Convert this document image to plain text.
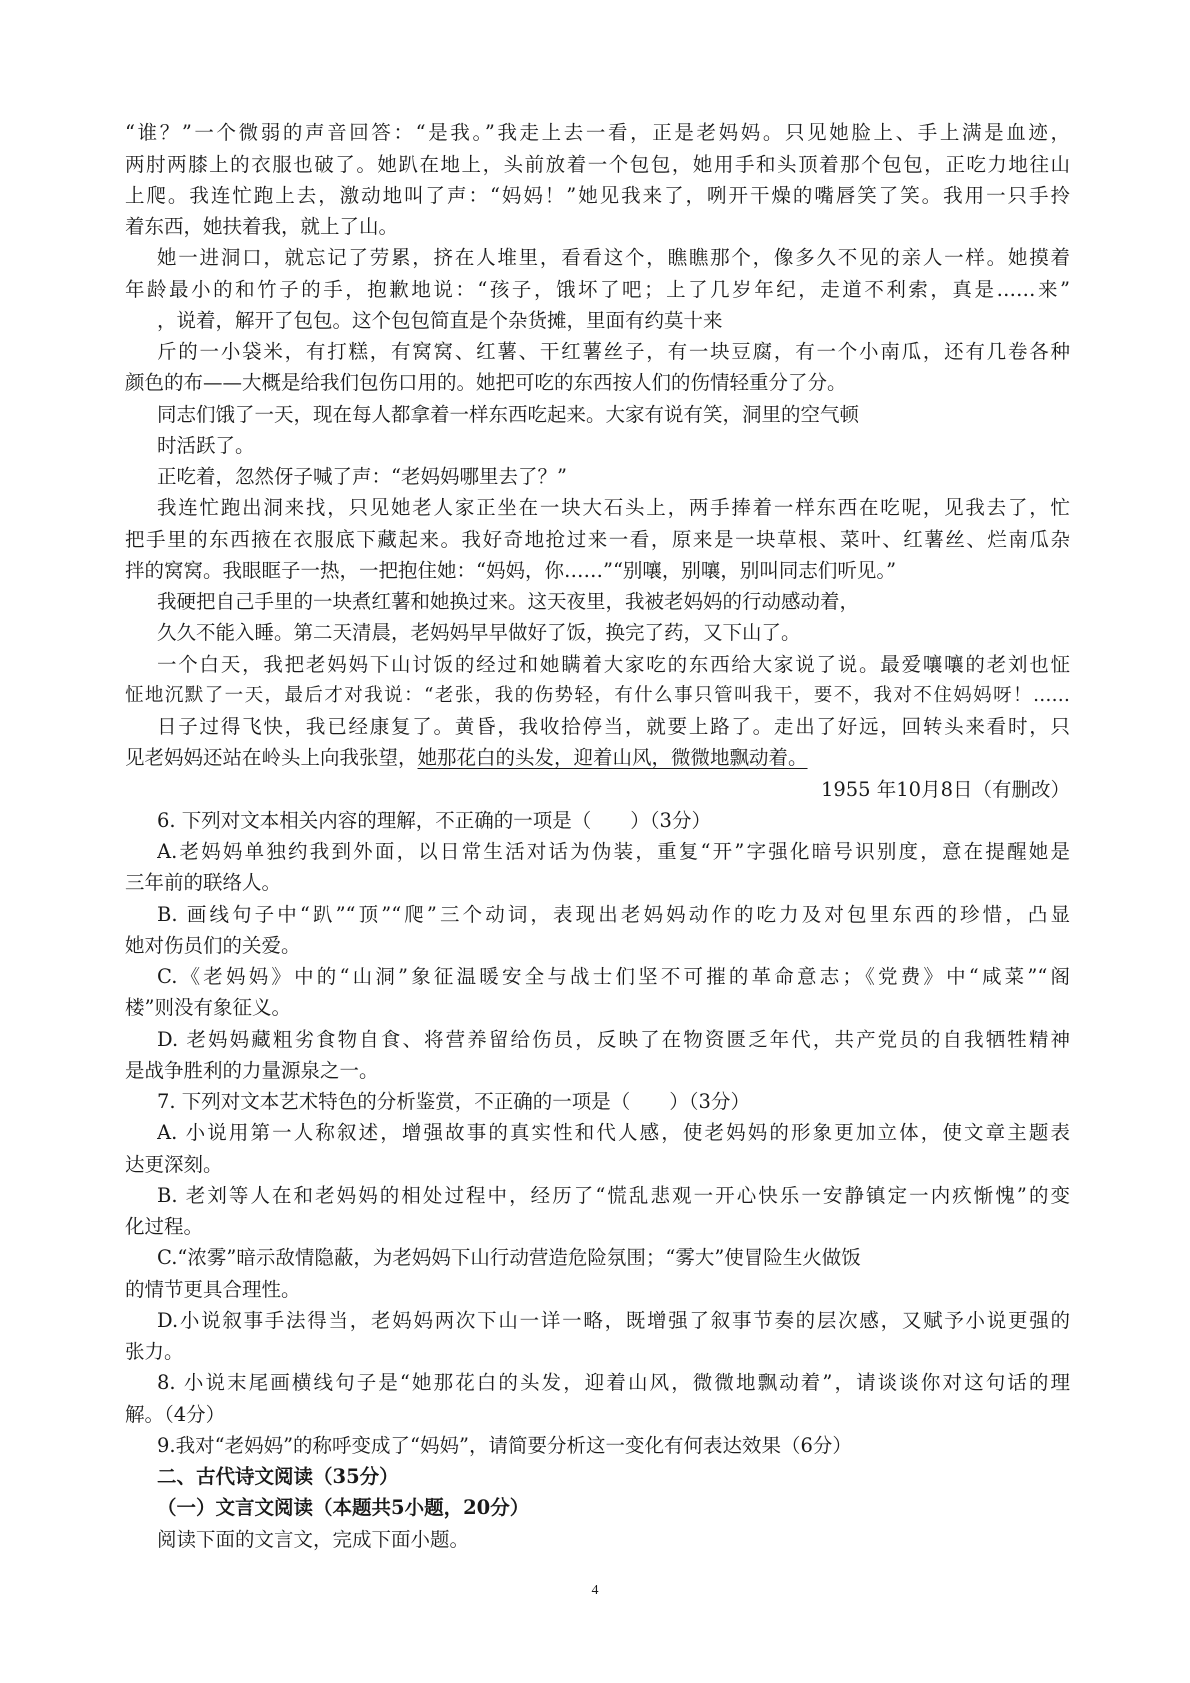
“谁？”一个微弱的声音回答：“是我。”我走上去一看，正是老妈妈。只见她脸上、手上满是血迹，
两肘两膝上的衣服也破了。她趴在地上，头前放着一个包包，她用手和头顶着那个包包，正吃力地往山
上爬。我连忙跑上去，激动地叫了声：“妈妈！”她见我来了，咧开干燥的嘴唇笑了笑。我用一只手拎
着东西，她扶着我，就上了山。
她一进洞口，就忘记了劳累，挤在人堆里，看看这个，瞧瞧那个，像多久不见的亲人一样。她摸着
年龄最小的和竹子的手，抱歉地说：“孩子，饿坏了吧；上了几岁年纪，走道不利索，真是……来”
，说着，解开了包包。这个包包简直是个杂货摊，里面有约莫十来
斤的一小袋米，有打糕，有窝窝、红薯、干红薯丝子，有一块豆腐，有一个小南瓜，还有几卷各种
颜色的布——大概是给我们包伤口用的。她把可吃的东西按人们的伤情轻重分了分。
同志们饿了一天，现在每人都拿着一样东西吃起来。大家有说有笑，洞里的空气顿
时活跃了。
正吃着，忽然伢子喊了声：“老妈妈哪里去了？”
我连忙跑出洞来找，只见她老人家正坐在一块大石头上，两手捧着一样东西在吃呢，见我去了，忙
把手里的东西掖在衣服底下藏起来。我好奇地抢过来一看，原来是一块草根、菜叶、红薯丝、烂南瓜杂
拌的窝窝。我眼眶子一热，一把抱住她：“妈妈，你……”“别嚷，别嚷，别叫同志们听见。”
我硬把自己手里的一块煮红薯和她换过来。这天夜里，我被老妈妈的行动感动着，
久久不能入睡。第二天清晨，老妈妈早早做好了饭，换完了药，又下山了。
一个白天，我把老妈妈下山讨饭的经过和她瞒着大家吃的东西给大家说了说。最爱嚷嚷的老刘也怔
怔地沉默了一天，最后才对我说：“老张，我的伤势轻，有什么事只管叫我干，要不，我对不住妈妈呀！……
日子过得飞快，我已经康复了。黄昏，我收拾停当，就要上路了。走出了好远，回转头来看时，只
见老妈妈还站在岭头上向我张望，她那花白的头发，迎着山风，微微地飘动着。
1955 年10月8日（有删改）
6. 下列对文本相关内容的理解，不正确的一项是（　　）（3分）
A.老妈妈单独约我到外面，以日常生活对话为伪装，重复“开”字强化暗号识别度，意在提醒她是
三年前的联络人。
B. 画线句子中“趴”“顶”“爬”三个动词，表现出老妈妈动作的吃力及对包里东西的珍惜，凸显
她对伤员们的关爱。
C.《老妈妈》中的“山洞”象征温暖安全与战士们坚不可摧的革命意志；《党费》中“咸菜”“阁
楼”则没有象征义。
D. 老妈妈藏粗劣食物自食、将营养留给伤员，反映了在物资匮乏年代，共产党员的自我牺牲精神
是战争胜利的力量源泉之一。
7. 下列对文本艺术特色的分析鉴赏，不正确的一项是（　　）（3分）
A. 小说用第一人称叙述，增强故事的真实性和代人感，使老妈妈的形象更加立体，使文章主题表
达更深刻。
B. 老刘等人在和老妈妈的相处过程中，经历了“慌乱悲观一开心快乐一安静镇定一内疚惭愧”的变
化过程。
C.“浓雾”暗示敌情隐蔽，为老妈妈下山行动营造危险氛围；“雾大”使冒险生火做饭
的情节更具合理性。
D.小说叙事手法得当，老妈妈两次下山一详一略，既增强了叙事节奏的层次感，又赋予小说更强的
张力。
8. 小说末尾画横线句子是“她那花白的头发，迎着山风，微微地飘动着”，请谈谈你对这句话的理
解。（4分）
9.我对“老妈妈”的称呼变成了“妈妈”，请简要分析这一变化有何表达效果（6分）
二、古代诗文阅读（35分）
（一）文言文阅读（本题共5小题，20分）
阅读下面的文言文，完成下面小题。
4
